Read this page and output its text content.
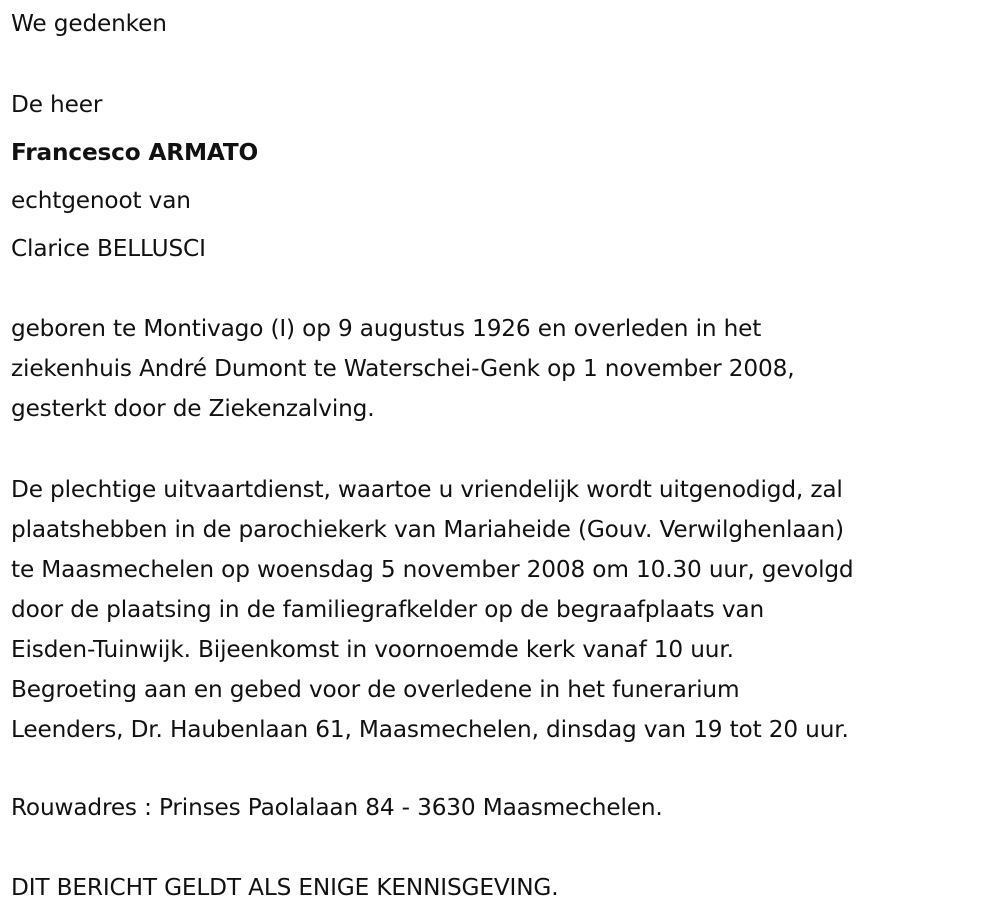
We gedenken
De heer
Francesco ARMATO
echtgenoot van
Clarice BELLUSCI
geboren te Montivago (I) op 9 augustus 1926 en overleden in het
ziekenhuis André Dumont te Waterschei-Genk op 1 november 2008,
gesterkt door de Ziekenzalving.
De plechtige uitvaartdienst, waartoe u vriendelijk wordt uitgenodigd, zal
plaatshebben in de parochiekerk van Mariaheide (Gouv. Verwilghenlaan)
te Maasmechelen op woensdag 5 november 2008 om 10.30 uur, gevolgd
door de plaatsing in de familiegrafkelder op de begraafplaats van
Eisden-Tuinwijk. Bijeenkomst in voornoemde kerk vanaf 10 uur.
Begroeting aan en gebed voor de overledene in het funerarium
Leenders, Dr. Haubenlaan 61, Maasmechelen, dinsdag van 19 tot 20 uur.
Rouwadres : Prinses Paolalaan 84 - 3630 Maasmechelen.
DIT BERICHT GELDT ALS ENIGE KENNISGEVING.
